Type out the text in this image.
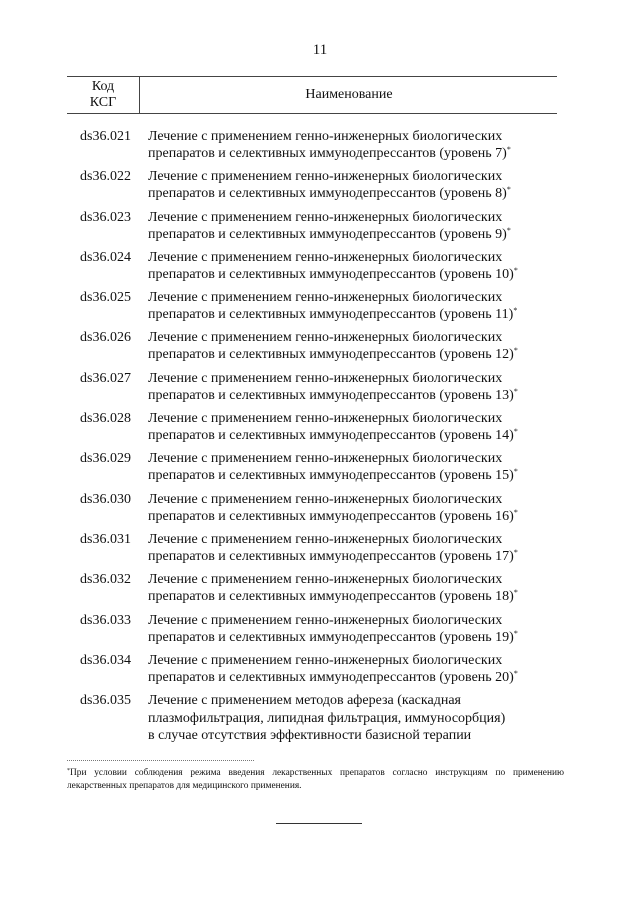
11
Код
КСГ
Наименование
ds36.021 Лечение с применением генно-инженерных биологических
препаратов и селективных иммунодепрессантов (уровень 7)*
ds36.022 Лечение с применением генно-инженерных биологических
препаратов и селективных иммунодепрессантов (уровень 8)*
ds36.023 Лечение с применением генно-инженерных биологических
препаратов и селективных иммунодепрессантов (уровень 9)*
ds36.024 Лечение с применением генно-инженерных биологических
препаратов и селективных иммунодепрессантов (уровень 10)*
ds36.025 Лечение с применением генно-инженерных биологических
препаратов и селективных иммунодепрессантов (уровень 11)*
ds36.026 Лечение с применением генно-инженерных биологических
препаратов и селективных иммунодепрессантов (уровень 12)*
ds36.027 Лечение с применением генно-инженерных биологических
препаратов и селективных иммунодепрессантов (уровень 13)*
ds36.028 Лечение с применением генно-инженерных биологических
препаратов и селективных иммунодепрессантов (уровень 14)*
ds36.029 Лечение с применением генно-инженерных биологических
препаратов и селективных иммунодепрессантов (уровень 15)*
ds36.030 Лечение с применением генно-инженерных биологических
препаратов и селективных иммунодепрессантов (уровень 16)*
ds36.031 Лечение с применением генно-инженерных биологических
препаратов и селективных иммунодепрессантов (уровень 17)*
ds36.032 Лечение с применением генно-инженерных биологических
препаратов и селективных иммунодепрессантов (уровень 18)*
ds36.033 Лечение с применением генно-инженерных биологических
препаратов и селективных иммунодепрессантов (уровень 19)*
ds36.034 Лечение с применением генно-инженерных биологических
препаратов и селективных иммунодепрессантов (уровень 20)*
ds36.035 Лечение с применением методов афереза (каскадная
плазмофильтрация, липидная фильтрация, иммуносорбция)
в случае отсутствия эффективности базисной терапии
*При условии соблюдения режима введения лекарственных препаратов согласно инструкциям по применению лекарственных препаратов для медицинского применения.
